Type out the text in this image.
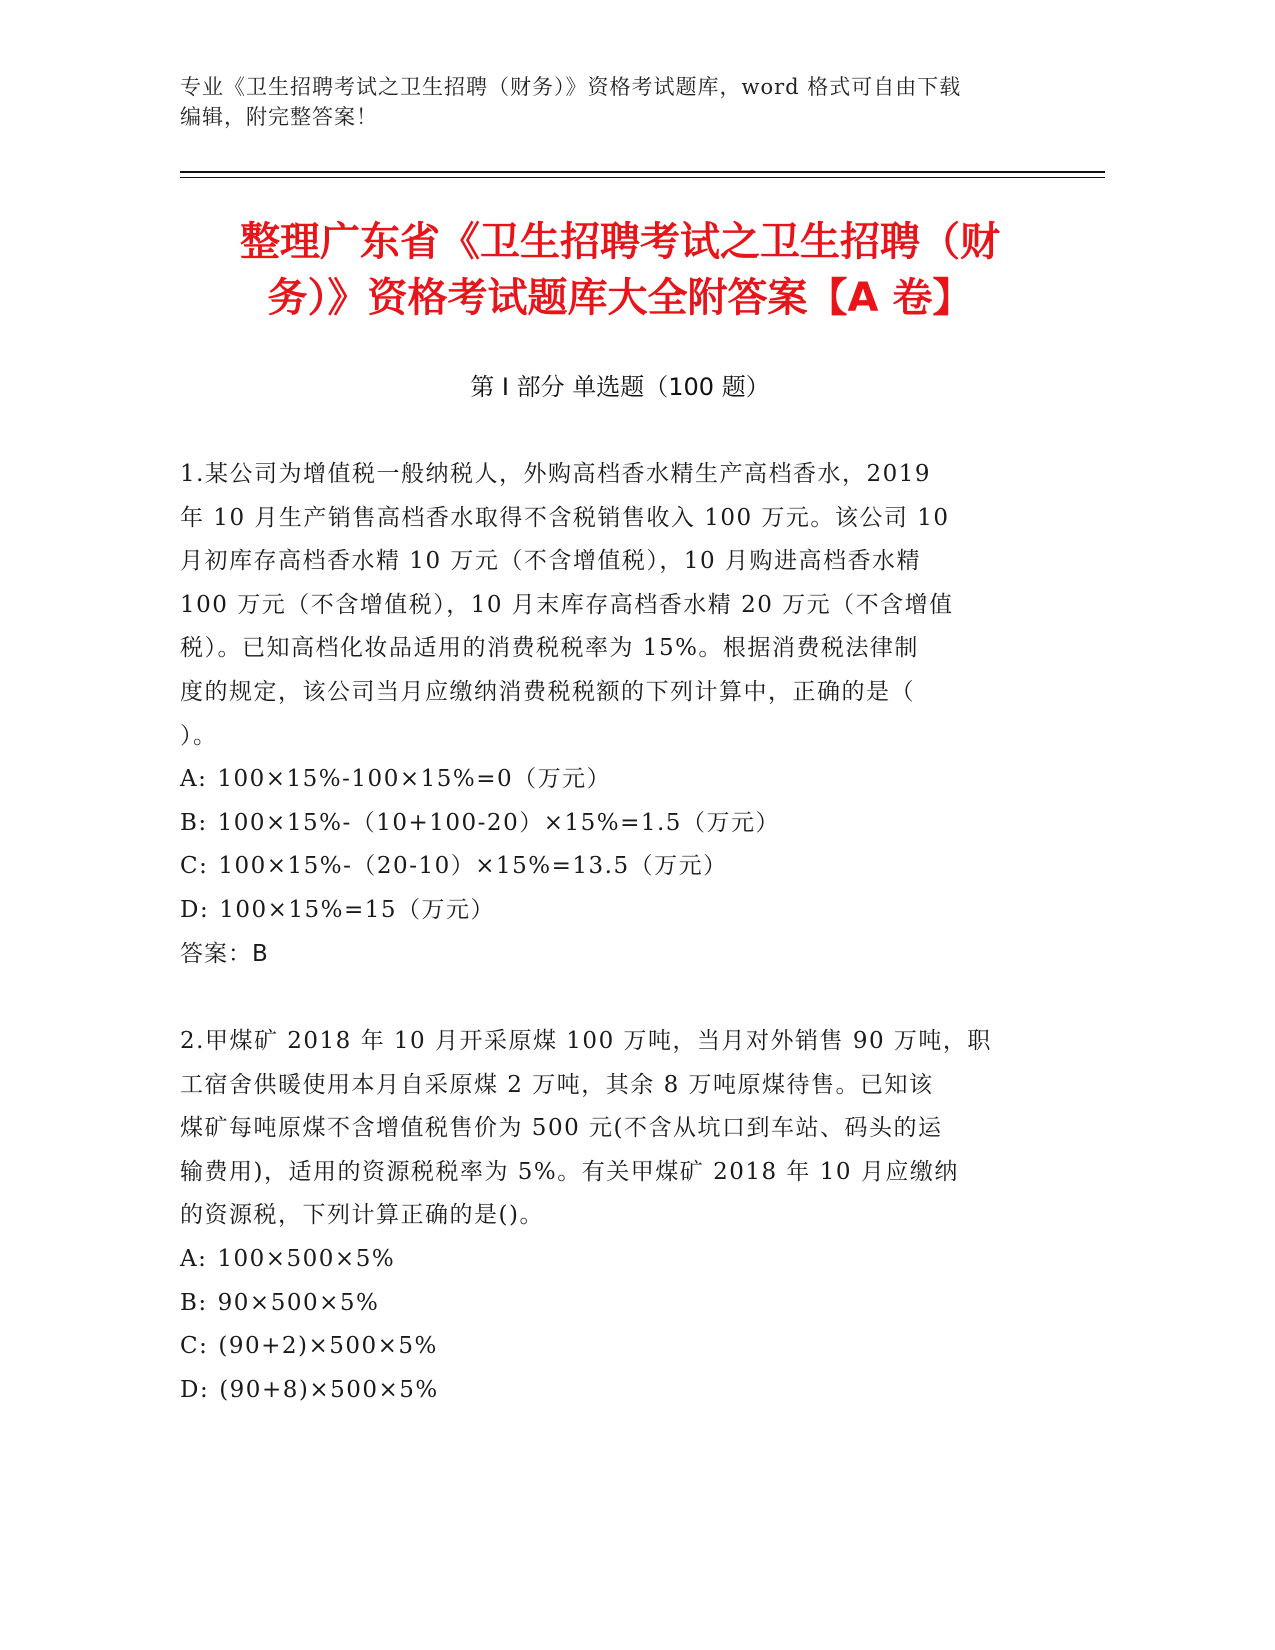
专业《卫生招聘考试之卫生招聘（财务）》资格考试题库，word 格式可自由下载
编辑，附完整答案！
整理广东省《卫生招聘考试之卫生招聘（财
务）》资格考试题库大全附答案【A 卷】
第 I 部分 单选题（100 题）
1.某公司为增值税一般纳税人，外购高档香水精生产高档香水，2019
年 10 月生产销售高档香水取得不含税销售收入 100 万元。该公司 10
月初库存高档香水精 10 万元（不含增值税），10 月购进高档香水精
100 万元（不含增值税），10 月末库存高档香水精 20 万元（不含增值
税）。已知高档化妆品适用的消费税税率为 15%。根据消费税法律制
度的规定，该公司当月应缴纳消费税税额的下列计算中，正确的是（
）。
A: 100×15%-100×15%=0（万元）
B: 100×15%-（10+100-20）×15%=1.5（万元）
C: 100×15%-（20-10）×15%=13.5（万元）
D: 100×15%=15（万元）
答案：B
2.甲煤矿 2018 年 10 月开采原煤 100 万吨，当月对外销售 90 万吨，职
工宿舍供暖使用本月自采原煤 2 万吨，其余 8 万吨原煤待售。已知该
煤矿每吨原煤不含增值税售价为 500 元(不含从坑口到车站、码头的运
输费用)，适用的资源税税率为 5%。有关甲煤矿 2018 年 10 月应缴纳
的资源税，下列计算正确的是()。
A: 100×500×5%
B: 90×500×5%
C: (90+2)×500×5%
D: (90+8)×500×5%
